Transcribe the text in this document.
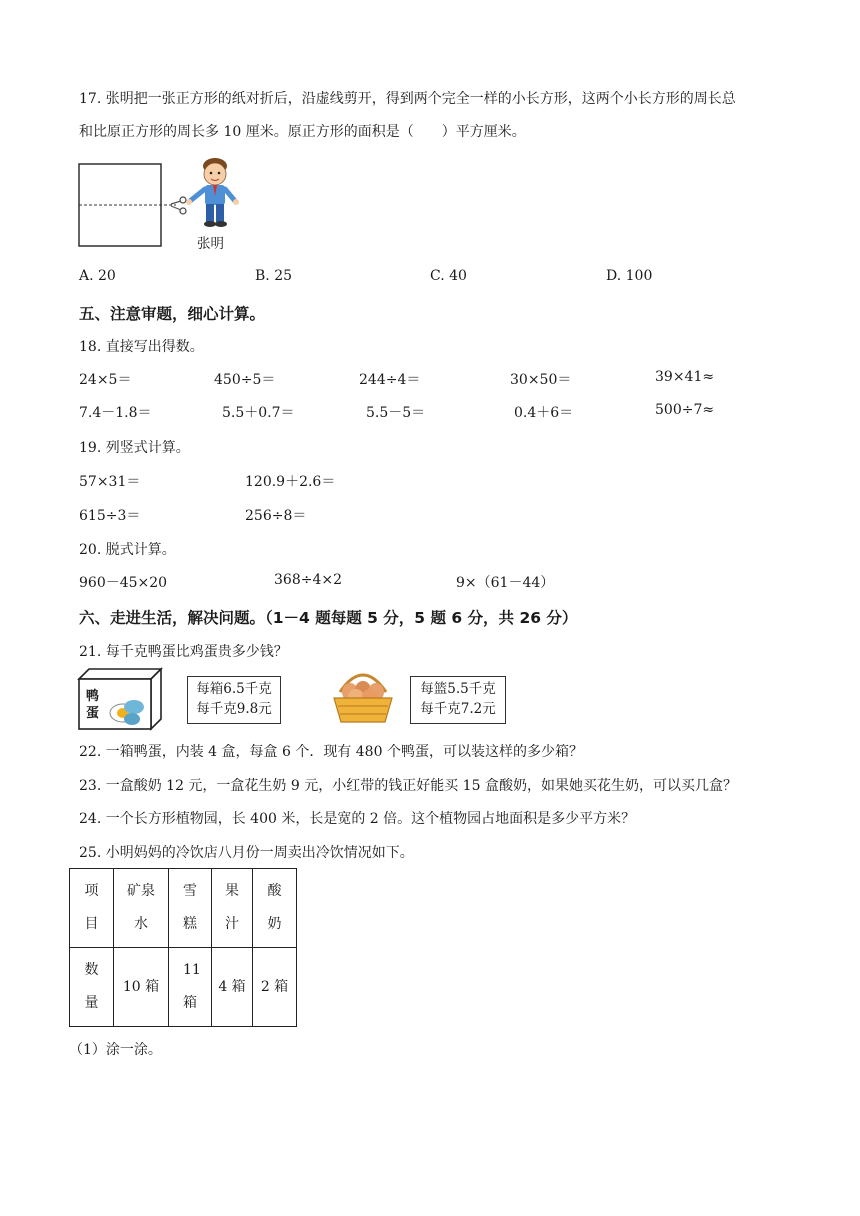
17. 张明把一张正方形的纸对折后，沿虚线剪开，得到两个完全一样的小长方形，这两个小长方形的周长总
和比原正方形的周长多 10 厘米。原正方形的面积是（　　）平方厘米。
张明
A. 20	B. 25	C. 40	D. 100
五、注意审题，细心计算。
18. 直接写出得数。
24×5＝	450÷5＝	244÷4＝	30×50＝	39×41≈
7.4－1.8＝	5.5＋0.7＝	5.5－5＝	0.4＋6＝	500÷7≈
19. 列竖式计算。
57×31＝	120.9＋2.6＝
615÷3＝	256÷8＝
20. 脱式计算。
960－45×20	368÷4×2	9×（61－44）
六、走进生活，解决问题。（1－4 题每题 5 分，5 题 6 分，共 26 分）
21. 每千克鸭蛋比鸡蛋贵多少钱？
鸭
蛋
每箱6.5千克
每千克9.8元
每篮5.5千克
每千克7.2元
22. 一箱鸭蛋，内装 4 盒，每盒 6 个．现有 480 个鸭蛋，可以装这样的多少箱？
23. 一盒酸奶 12 元，一盒花生奶 9 元，小红带的钱正好能买 15 盒酸奶，如果她买花生奶，可以买几盒？
24. 一个长方形植物园，长 400 米，长是宽的 2 倍。这个植物园占地面积是多少平方米？
25. 小明妈妈的冷饮店八月份一周卖出冷饮情况如下。
项目	矿泉水	雪糕	果汁	酸奶

数量	10 箱	11箱	4 箱	2 箱
（1）涂一涂。
